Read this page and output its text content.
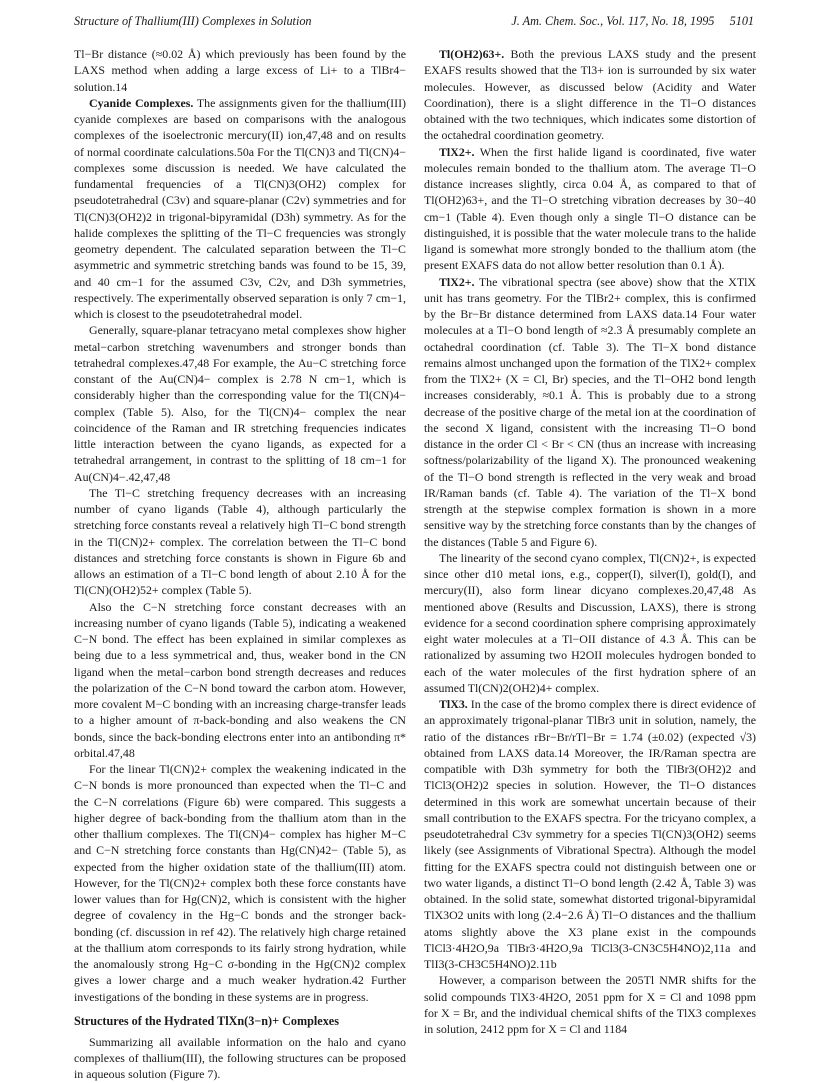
Structure of Thallium(III) Complexes in Solution	J. Am. Chem. Soc., Vol. 117, No. 18, 1995 5101

Tl−Br distance (≈0.02 Å) which previously has been found by the LAXS method when adding a large excess of Li+ to a TlBr4− solution.14

Cyanide Complexes. The assignments given for the thallium(III) cyanide complexes are based on comparisons with the analogous complexes of the isoelectronic mercury(II) ion,47,48 and on results of normal coordinate calculations.50a For the Tl(CN)3 and Tl(CN)4− complexes some discussion is needed. We have calculated the fundamental frequencies of a Tl(CN)3(OH2) complex for pseudotetrahedral (C3v) and square-planar (C2v) symmetries and for Tl(CN)3(OH2)2 in trigonal-bipyramidal (D3h) symmetry. As for the halide complexes the splitting of the Tl−C frequencies was strongly geometry dependent. The calculated separation between the Tl−C asymmetric and symmetric stretching bands was found to be 15, 39, and 40 cm−1 for the assumed C3v, C2v, and D3h symmetries, respectively. The experimentally observed separation is only 7 cm−1, which is closest to the pseudotetrahedral model.

Generally, square-planar tetracyano metal complexes show higher metal−carbon stretching wavenumbers and stronger bonds than tetrahedral complexes.47,48 For example, the Au−C stretching force constant of the Au(CN)4− complex is 2.78 N cm−1, which is considerably higher than the corresponding value for the Tl(CN)4− complex (Table 5). Also, for the Tl(CN)4− complex the near coincidence of the Raman and IR stretching frequencies indicates little interaction between the cyano ligands, as expected for a tetrahedral arrangement, in contrast to the splitting of 18 cm−1 for Au(CN)4−.42,47,48

The Tl−C stretching frequency decreases with an increasing number of cyano ligands (Table 4), although particularly the stretching force constants reveal a relatively high Tl−C bond strength in the Tl(CN)2+ complex. The correlation between the Tl−C bond distances and stretching force constants is shown in Figure 6b and allows an estimation of a Tl−C bond length of about 2.10 Å for the Tl(CN)(OH2)52+ complex (Table 5).

Also the C−N stretching force constant decreases with an increasing number of cyano ligands (Table 5), indicating a weakened C−N bond. The effect has been explained in similar complexes as being due to a less symmetrical and, thus, weaker bond in the CN ligand when the metal−carbon bond strength decreases and reduces the polarization of the C−N bond toward the carbon atom. However, more covalent M−C bonding with an increasing charge-transfer leads to a higher amount of π-back-bonding and also weakens the CN bonds, since the back-bonding electrons enter into an antibonding π* orbital.47,48

For the linear Tl(CN)2+ complex the weakening indicated in the C−N bonds is more pronounced than expected when the Tl−C and the C−N correlations (Figure 6b) were compared. This suggests a higher degree of back-bonding from the thallium atom than in the other thallium complexes. The Tl(CN)4− complex has higher M−C and C−N stretching force constants than Hg(CN)42− (Table 5), as expected from the higher oxidation state of the thallium(III) atom. However, for the Tl(CN)2+ complex both these force constants have lower values than for Hg(CN)2, which is consistent with the higher degree of covalency in the Hg−C bonds and the stronger back-bonding (cf. discussion in ref 42). The relatively high charge retained at the thallium atom corresponds to its fairly strong hydration, while the anomalously strong Hg−C σ-bonding in the Hg(CN)2 complex gives a lower charge and a much weaker hydration.42 Further investigations of the bonding in these systems are in progress.

Structures of the Hydrated TlXn(3−n)+ Complexes

Summarizing all available information on the halo and cyano complexes of thallium(III), the following structures can be proposed in aqueous solution (Figure 7).

Tl(OH2)63+. Both the previous LAXS study and the present EXAFS results showed that the Tl3+ ion is surrounded by six water molecules. However, as discussed below (Acidity and Water Coordination), there is a slight difference in the Tl−O distances obtained with the two techniques, which indicates some distortion of the octahedral coordination geometry.

TlX2+. When the first halide ligand is coordinated, five water molecules remain bonded to the thallium atom. The average Tl−O distance increases slightly, circa 0.04 Å, as compared to that of Tl(OH2)63+, and the Tl−O stretching vibration decreases by 30−40 cm−1 (Table 4). Even though only a single Tl−O distance can be distinguished, it is possible that the water molecule trans to the halide ligand is somewhat more strongly bonded to the thallium atom (the present EXAFS data do not allow better resolution than 0.1 Å).

TlX2+. The vibrational spectra (see above) show that the XTlX unit has trans geometry. For the TlBr2+ complex, this is confirmed by the Br−Br distance determined from LAXS data.14 Four water molecules at a Tl−O bond length of ≈2.3 Å presumably complete an octahedral coordination (cf. Table 3). The Tl−X bond distance remains almost unchanged upon the formation of the TlX2+ complex from the TlX2+ (X = Cl, Br) species, and the Tl−OH2 bond length increases considerably, ≈0.1 Å. This is probably due to a strong decrease of the positive charge of the metal ion at the coordination of the second X ligand, consistent with the increasing Tl−O bond distance in the order Cl < Br < CN (thus an increase with increasing softness/polarizability of the ligand X). The pronounced weakening of the Tl−O bond strength is reflected in the very weak and broad IR/Raman bands (cf. Table 4). The variation of the Tl−X bond strength at the stepwise complex formation is shown in a more sensitive way by the stretching force constants than by the changes of the distances (Table 5 and Figure 6).

The linearity of the second cyano complex, Tl(CN)2+, is expected since other d10 metal ions, e.g., copper(I), silver(I), gold(I), and mercury(II), also form linear dicyano complexes.20,47,48 As mentioned above (Results and Discussion, LAXS), there is strong evidence for a second coordination sphere comprising approximately eight water molecules at a Tl−OII distance of 4.3 Å. This can be rationalized by assuming two H2OII molecules hydrogen bonded to each of the water molecules of the first hydration sphere of an assumed Tl(CN)2(OH2)4+ complex.

TlX3. In the case of the bromo complex there is direct evidence of an approximately trigonal-planar TlBr3 unit in solution, namely, the ratio of the distances rBr−Br/rTl−Br = 1.74 (±0.02) (expected √3) obtained from LAXS data.14 Moreover, the IR/Raman spectra are compatible with D3h symmetry for both the TlBr3(OH2)2 and TlCl3(OH2)2 species in solution. However, the Tl−O distances determined in this work are somewhat uncertain because of their small contribution to the EXAFS spectra. For the tricyano complex, a pseudotetrahedral C3v symmetry for a species Tl(CN)3(OH2) seems likely (see Assignments of Vibrational Spectra). Although the model fitting for the EXAFS spectra could not distinguish between one or two water ligands, a distinct Tl−O bond length (2.42 Å, Table 3) was obtained. In the solid state, somewhat distorted trigonal-bipyramidal TlX3O2 units with long (2.4−2.6 Å) Tl−O distances and the thallium atoms slightly above the X3 plane exist in the compounds TlCl3·4H2O,9a TlBr3·4H2O,9a TlCl3(3-CN3C5H4NO)2,11a and TlI3(3-CH3C5H4NO)2.11b

However, a comparison between the 205Tl NMR shifts for the solid compounds TlX3·4H2O, 2051 ppm for X = Cl and 1098 ppm for X = Br, and the individual chemical shifts of the TlX3 complexes in solution, 2412 ppm for X = Cl and 1184
